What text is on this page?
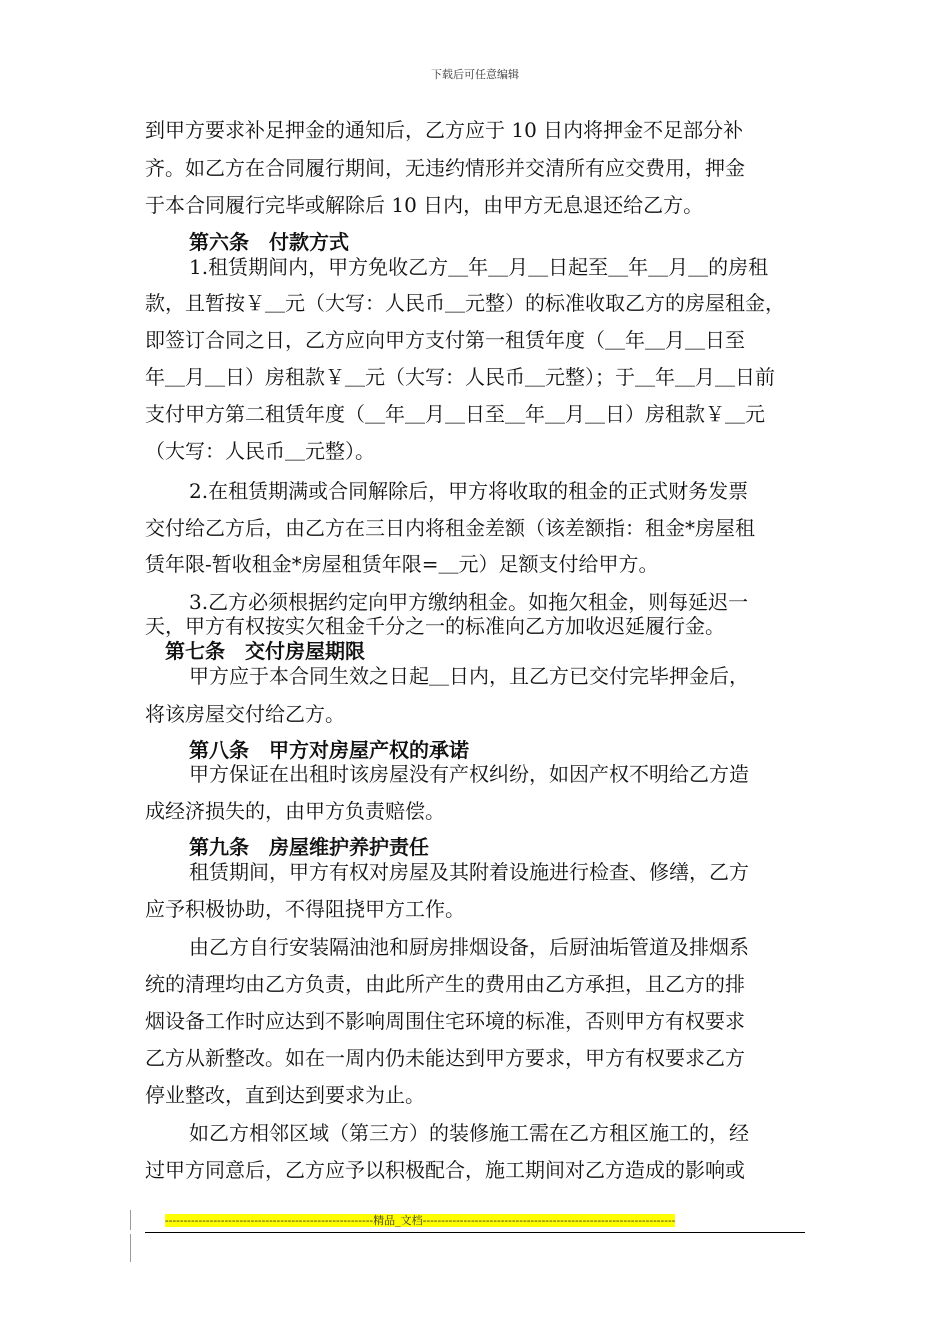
下载后可任意编辑
到甲方要求补足押金的通知后，乙方应于 10 日内将押金不足部分补
齐。如乙方在合同履行期间，无违约情形并交清所有应交费用，押金
于本合同履行完毕或解除后 10 日内，由甲方无息退还给乙方。
第六条　付款方式
1.租赁期间内，甲方免收乙方＿年＿月＿日起至＿年＿月＿的房租
款，且暂按￥＿元（大写：人民币＿元整）的标准收取乙方的房屋租金，
即签订合同之日，乙方应向甲方支付第一租赁年度（＿年＿月＿日至
年＿月＿日）房租款￥＿元（大写：人民币＿元整）；于＿年＿月＿日前
支付甲方第二租赁年度（＿年＿月＿日至＿年＿月＿日）房租款￥＿元
（大写：人民币＿元整）。
2.在租赁期满或合同解除后，甲方将收取的租金的正式财务发票
交付给乙方后，由乙方在三日内将租金差额（该差额指：租金*房屋租
赁年限-暂收租金*房屋租赁年限=＿元）足额支付给甲方。
3.乙方必须根据约定向甲方缴纳租金。如拖欠租金，则每延迟一
天，甲方有权按实欠租金千分之一的标准向乙方加收迟延履行金。
第七条　交付房屋期限
甲方应于本合同生效之日起＿日内，且乙方已交付完毕押金后，
将该房屋交付给乙方。
第八条　甲方对房屋产权的承诺
甲方保证在出租时该房屋没有产权纠纷，如因产权不明给乙方造
成经济损失的，由甲方负责赔偿。
第九条　房屋维护养护责任
租赁期间，甲方有权对房屋及其附着设施进行检查、修缮，乙方
应予积极协助，不得阻挠甲方工作。
由乙方自行安装隔油池和厨房排烟设备，后厨油垢管道及排烟系
统的清理均由乙方负责，由此所产生的费用由乙方承担，且乙方的排
烟设备工作时应达到不影响周围住宅环境的标准，否则甲方有权要求
乙方从新整改。如在一周内仍未能达到甲方要求，甲方有权要求乙方
停业整改，直到达到要求为止。
如乙方相邻区域（第三方）的装修施工需在乙方租区施工的，经
过甲方同意后，乙方应予以积极配合，施工期间对乙方造成的影响或
--------------------------------------------------------精品_文档--------------------------------------------------------------------
